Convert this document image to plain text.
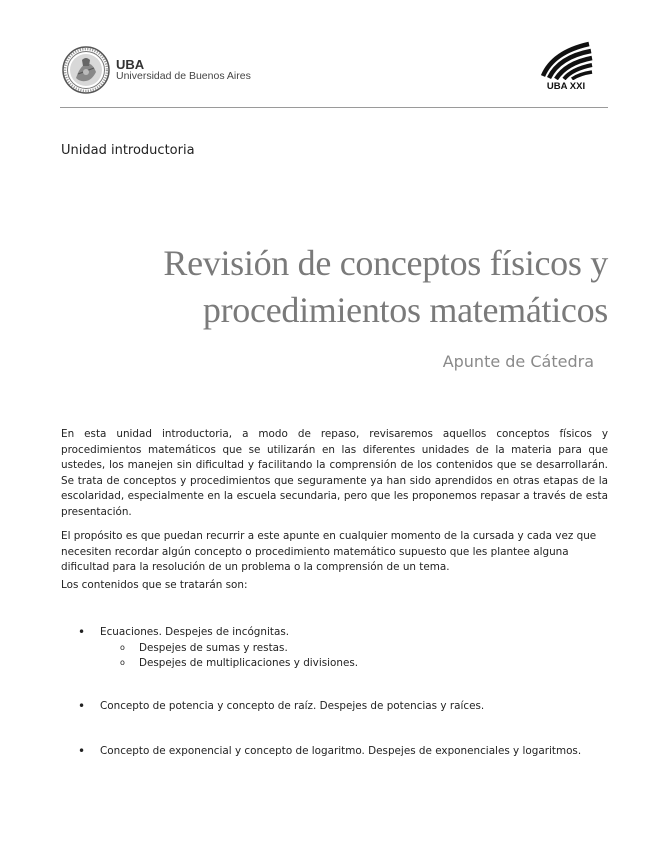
UBA
Universidad de Buenos Aires
UBA XXI
Unidad introductoria
Revisión de conceptos físicos y
procedimientos matemáticos
Apunte de Cátedra

En esta unidad introductoria, a modo de repaso, revisaremos aquellos conceptos físicos y procedimientos matemáticos que se utilizarán en las diferentes unidades de la materia para que ustedes, los manejen sin dificultad y facilitando la comprensión de los contenidos que se desarrollarán. Se trata de conceptos y procedimientos que seguramente ya han sido aprendidos en otras etapas de la escolaridad, especialmente en la escuela secundaria, pero que les proponemos repasar a través de esta presentación.

El propósito es que puedan recurrir a este apunte en cualquier momento de la cursada y cada vez que necesiten recordar algún concepto o procedimiento matemático supuesto que les plantee alguna dificultad para la resolución de un problema o la comprensión de un tema.

Los contenidos que se tratarán son:

• Ecuaciones. Despejes de incógnitas.
o Despejes de sumas y restas.
o Despejes de multiplicaciones y divisiones.
• Concepto de potencia y concepto de raíz. Despejes de potencias y raíces.
• Concepto de exponencial y concepto de logaritmo. Despejes de exponenciales y logaritmos.
